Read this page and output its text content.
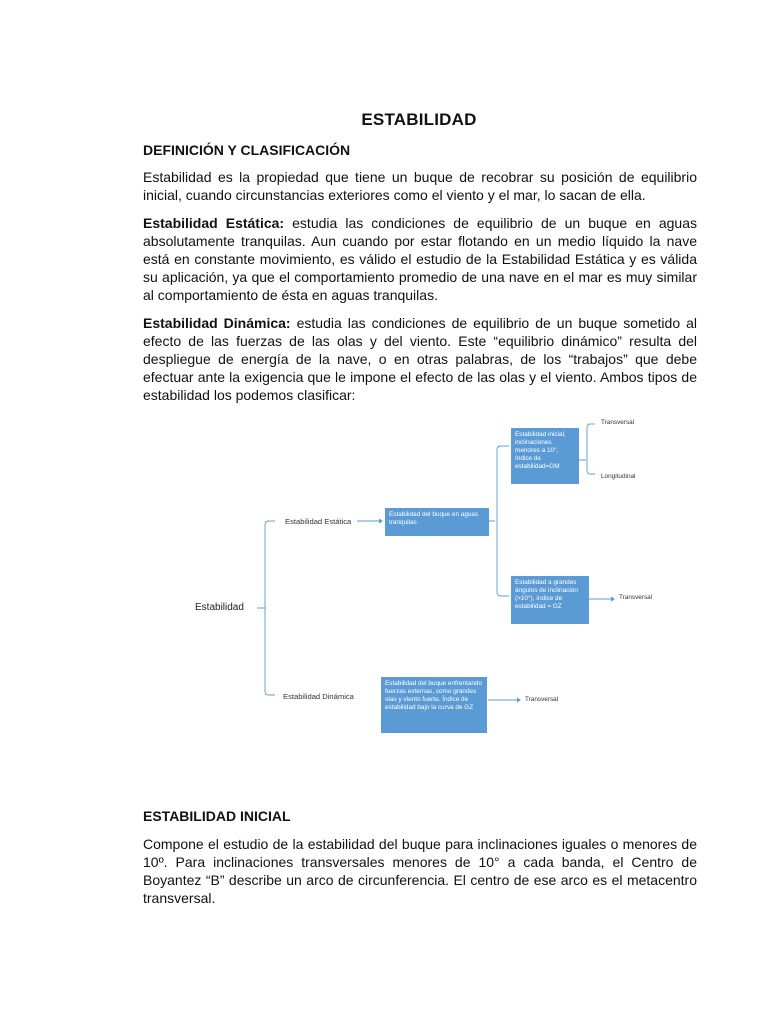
ESTABILIDAD
DEFINICIÓN Y CLASIFICACIÓN
Estabilidad es la propiedad que tiene un buque de recobrar su posición de equilibrio inicial, cuando circunstancias exteriores como el viento y el mar, lo sacan de ella.
Estabilidad Estática: estudia las condiciones de equilibrio de un buque en aguas absolutamente tranquilas. Aun cuando por estar flotando en un medio líquido la nave está en constante movimiento, es válido el estudio de la Estabilidad Estática y es válida su aplicación, ya que el comportamiento promedio de una nave en el mar es muy similar al comportamiento de ésta en aguas tranquilas.
Estabilidad Dinámica: estudia las condiciones de equilibrio de un buque sometido al efecto de las fuerzas de las olas y del viento. Este “equilibrio dinámico” resulta del despliegue de energía de la nave, o en otras palabras, de los “trabajos” que debe efectuar ante la exigencia que le impone el efecto de las olas y el viento. Ambos tipos de estabilidad los podemos clasificar:
Estabilidad
Estabilidad Estática
Estabilidad Dinámica
Estabilidad del buque en aguas tranquilas
Estabilidad inicial, inclinaciones menores a 10°, índice de estabilidad=GM
Estabilidad a grandes ángulos de inclinación (>10°), índice de estabilidad = GZ
Estabilidad del buque enfrentando fuerzas externas, como grandes olas y viento fuerte. Índice de estabilidad bajo la curva de GZ
Transversal
Longitudinal
Transversal
Transversal
ESTABILIDAD INICIAL
Compone el estudio de la estabilidad del buque para inclinaciones iguales o menores de 10º. Para inclinaciones transversales menores de 10° a cada banda, el Centro de Boyantez “B” describe un arco de circunferencia. El centro de ese arco es el metacentro transversal.
